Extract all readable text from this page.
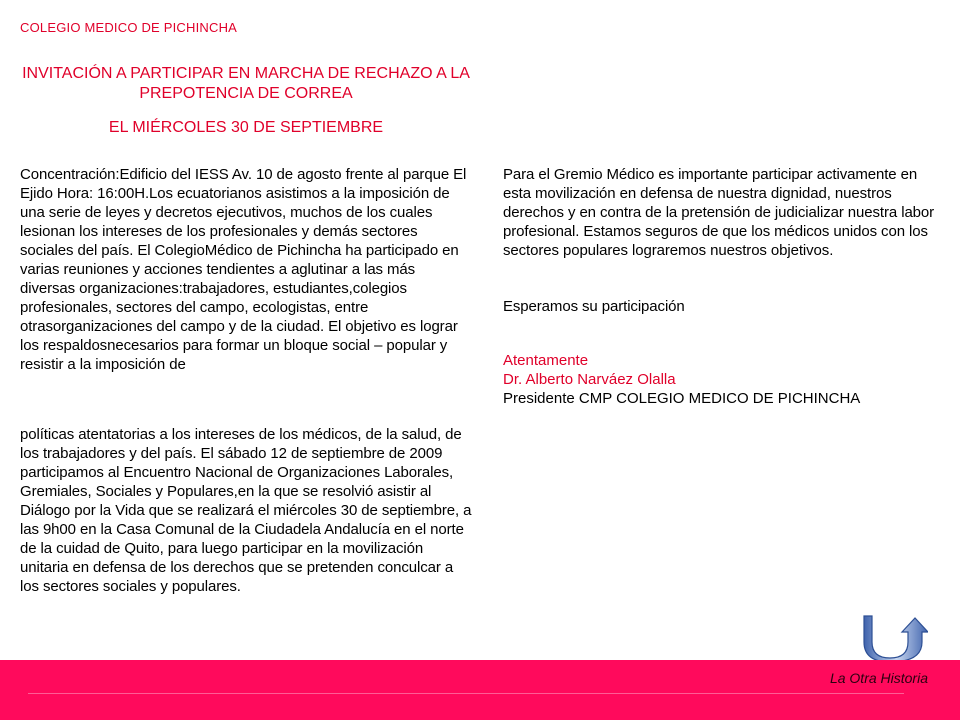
COLEGIO MEDICO DE PICHINCHA
INVITACIÓN A PARTICIPAR EN MARCHA DE RECHAZO A LA PREPOTENCIA DE CORREA
EL MIÉRCOLES 30 DE SEPTIEMBRE

Concentración:Edificio del IESS Av. 10 de agosto frente al parque El Ejido Hora: 16:00H.Los ecuatorianos asistimos a la imposición de una serie de leyes y decretos ejecutivos, muchos de los cuales lesionan los intereses de los profesionales y demás sectores sociales del país. El ColegioMédico de Pichincha ha participado en varias reuniones y acciones tendientes a aglutinar a las más diversas organizaciones:trabajadores, estudiantes,colegios profesionales, sectores del campo, ecologistas, entre otrasorganizaciones del campo y de la ciudad. El objetivo es lograr los respaldosnecesarios para formar un bloque social – popular y resistir a la imposición de

políticas atentatorias a los intereses de los médicos, de la salud, de los trabajadores y del país. El sábado 12 de septiembre de 2009 participamos al Encuentro Nacional de Organizaciones Laborales, Gremiales, Sociales y Populares,en la que se resolvió asistir al Diálogo por la Vida que se realizará el miércoles 30 de septiembre, a las 9h00 en la Casa Comunal de la Ciudadela Andalucía en el norte de la cuidad de Quito, para luego participar en la movilización unitaria en defensa de los derechos que se pretenden conculcar a los sectores sociales y populares.

Para el Gremio Médico es importante participar activamente en esta movilización en defensa de nuestra dignidad, nuestros derechos y en contra de la pretensión de judicializar nuestra labor profesional. Estamos seguros de que los médicos unidos con los sectores populares lograremos nuestros objetivos.

Esperamos su participación

Atentamente
Dr. Alberto Narváez Olalla
Presidente CMP COLEGIO MEDICO DE PICHINCHA
La Otra Historia
